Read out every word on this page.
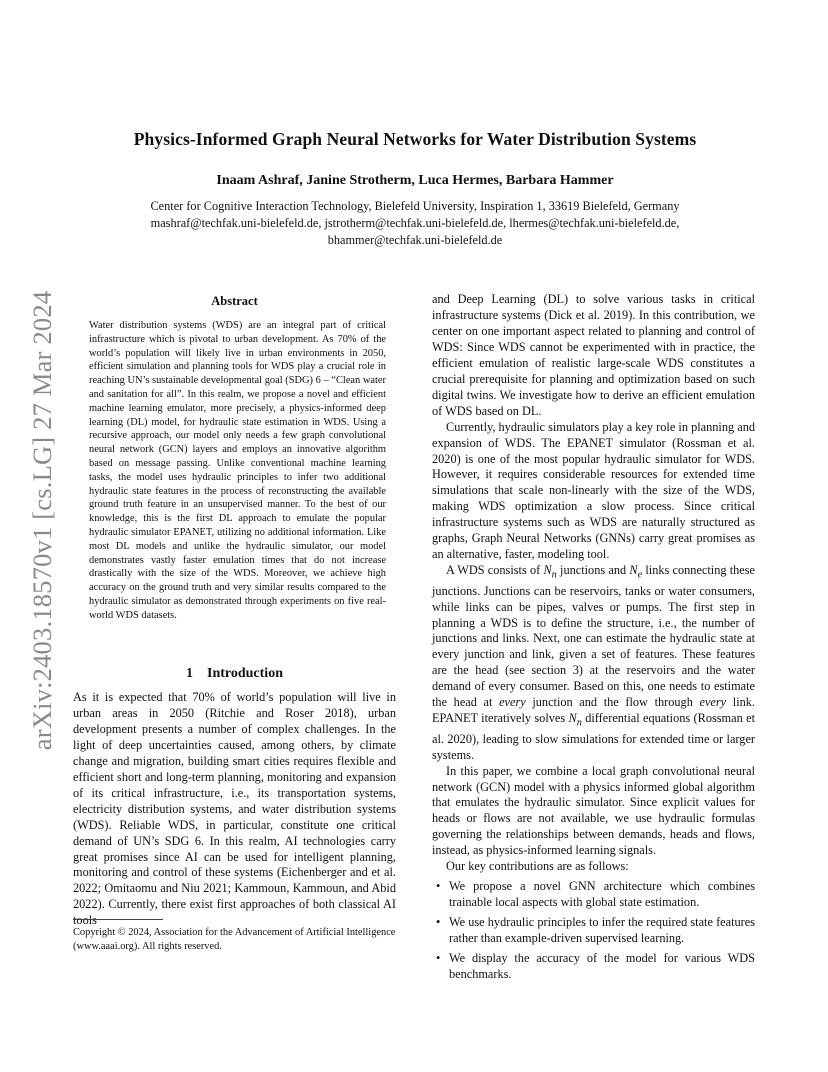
arXiv:2403.18570v1 [cs.LG] 27 Mar 2024
Physics-Informed Graph Neural Networks for Water Distribution Systems
Inaam Ashraf, Janine Strotherm, Luca Hermes, Barbara Hammer
Center for Cognitive Interaction Technology, Bielefeld University, Inspiration 1, 33619 Bielefeld, Germany
mashraf@techfak.uni-bielefeld.de, jstrotherm@techfak.uni-bielefeld.de, lhermes@techfak.uni-bielefeld.de,
bhammer@techfak.uni-bielefeld.de
Abstract

Water distribution systems (WDS) are an integral part of critical infrastructure which is pivotal to urban development. As 70% of the world’s population will likely live in urban environments in 2050, efficient simulation and planning tools for WDS play a crucial role in reaching UN’s sustainable developmental goal (SDG) 6 – “Clean water and sanitation for all”. In this realm, we propose a novel and efficient machine learning emulator, more precisely, a physics-informed deep learning (DL) model, for hydraulic state estimation in WDS. Using a recursive approach, our model only needs a few graph convolutional neural network (GCN) layers and employs an innovative algorithm based on message passing. Unlike conventional machine learning tasks, the model uses hydraulic principles to infer two additional hydraulic state features in the process of reconstructing the available ground truth feature in an unsupervised manner. To the best of our knowledge, this is the first DL approach to emulate the popular hydraulic simulator EPANET, utilizing no additional information. Like most DL models and unlike the hydraulic simulator, our model demonstrates vastly faster emulation times that do not increase drastically with the size of the WDS. Moreover, we achieve high accuracy on the ground truth and very similar results compared to the hydraulic simulator as demonstrated through experiments on five real-world WDS datasets.

1 Introduction

As it is expected that 70% of world’s population will live in urban areas in 2050 (Ritchie and Roser 2018), urban development presents a number of complex challenges. In the light of deep uncertainties caused, among others, by climate change and migration, building smart cities requires flexible and efficient short and long-term planning, monitoring and expansion of its critical infrastructure, i.e., its transportation systems, electricity distribution systems, and water distribution systems (WDS). Reliable WDS, in particular, constitute one critical demand of UN’s SDG 6. In this realm, AI technologies carry great promises since AI can be used for intelligent planning, monitoring and control of these systems (Eichenberger and et al. 2022; Omitaomu and Niu 2021; Kammoun, Kammoun, and Abid 2022). Currently, there exist first approaches of both classical AI tools

Copyright © 2024, Association for the Advancement of Artificial Intelligence (www.aaai.org). All rights reserved.

and Deep Learning (DL) to solve various tasks in critical infrastructure systems (Dick et al. 2019). In this contribution, we center on one important aspect related to planning and control of WDS: Since WDS cannot be experimented with in practice, the efficient emulation of realistic large-scale WDS constitutes a crucial prerequisite for planning and optimization based on such digital twins. We investigate how to derive an efficient emulation of WDS based on DL.

Currently, hydraulic simulators play a key role in planning and expansion of WDS. The EPANET simulator (Rossman et al. 2020) is one of the most popular hydraulic simulator for WDS. However, it requires considerable resources for extended time simulations that scale non-linearly with the size of the WDS, making WDS optimization a slow process. Since critical infrastructure systems such as WDS are naturally structured as graphs, Graph Neural Networks (GNNs) carry great promises as an alternative, faster, modeling tool.

A WDS consists of $N_n$ junctions and $N_e$ links connecting these junctions. Junctions can be reservoirs, tanks or water consumers, while links can be pipes, valves or pumps. The first step in planning a WDS is to define the structure, i.e., the number of junctions and links. Next, one can estimate the hydraulic state at every junction and link, given a set of features. These features are the head (see section 3) at the reservoirs and the water demand of every consumer. Based on this, one needs to estimate the head at every junction and the flow through every link. EPANET iteratively solves $N_n$ differential equations (Rossman et al. 2020), leading to slow simulations for extended time or larger systems.

In this paper, we combine a local graph convolutional neural network (GCN) model with a physics informed global algorithm that emulates the hydraulic simulator. Since explicit values for heads or flows are not available, we use hydraulic formulas governing the relationships between demands, heads and flows, instead, as physics-informed learning signals.

Our key contributions are as follows:

• We propose a novel GNN architecture which combines trainable local aspects with global state estimation.
• We use hydraulic principles to infer the required state features rather than example-driven supervised learning.
• We display the accuracy of the model for various WDS benchmarks.
